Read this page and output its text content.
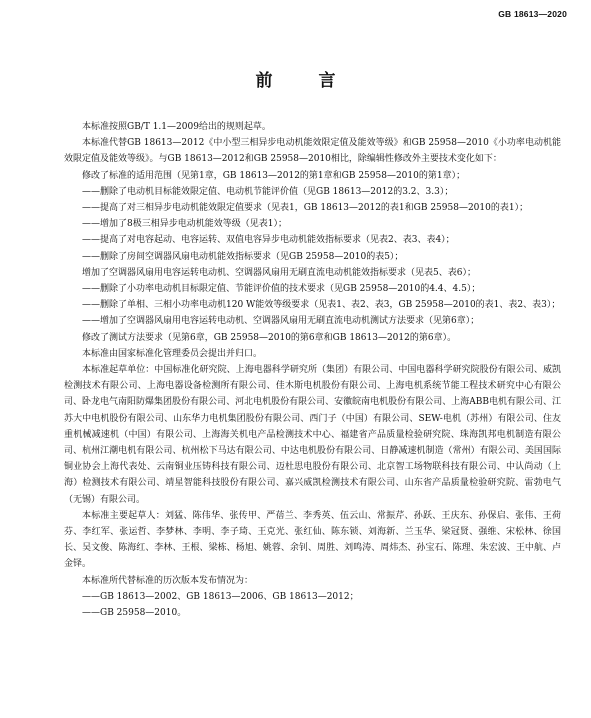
GB 18613—2020
前 言

本标准按照GB/T 1.1—2009给出的规则起草。

本标准代替GB 18613—2012《中小型三相异步电动机能效限定值及能效等级》和GB 25958—2010《小功率电动机能效限定值及能效等级》。与GB 18613—2012和GB 25958—2010相比，除编辑性修改外主要技术变化如下：

修改了标准的适用范围（见第1章，GB 18613—2012的第1章和GB 25958—2010的第1章）；

——删除了电动机目标能效限定值、电动机节能评价值（见GB 18613—2012的3.2、3.3）；

——提高了对三相异步电动机能效限定值要求（见表1，GB 18613—2012的表1和GB 25958—2010的表1）；

——增加了8极三相异步电动机能效等级（见表1）；

——提高了对电容起动、电容运转、双值电容异步电动机能效指标要求（见表2、表3、表4）；

——删除了房间空调器风扇电动机能效指标要求（见GB 25958—2010的表5）；

增加了空调器风扇用电容运转电动机、空调器风扇用无刷直流电动机能效指标要求（见表5、表6）；

——删除了小功率电动机目标限定值、节能评价值的技术要求（见GB 25958—2010的4.4、4.5）；

——删除了单相、三相小功率电动机120 W能效等级要求（见表1、表2、表3，GB 25958—2010的表1、表2、表3）；

——增加了空调器风扇用电容运转电动机、空调器风扇用无刷直流电动机测试方法要求（见第6章）；

修改了测试方法要求（见第6章，GB 25958—2010的第6章和GB 18613—2012的第6章）。

本标准由国家标准化管理委员会提出并归口。

本标准起草单位：中国标准化研究院、上海电器科学研究所（集团）有限公司、中国电器科学研究院股份有限公司、威凯检测技术有限公司、上海电器设备检测所有限公司、佳木斯电机股份有限公司、上海电机系统节能工程技术研究中心有限公司、卧龙电气南阳防爆集团股份有限公司、河北电机股份有限公司、安徽皖南电机股份有限公司、上海ABB电机有限公司、江苏大中电机股份有限公司、山东华力电机集团股份有限公司、西门子（中国）有限公司、SEW-电机（苏州）有限公司、住友重机械减速机（中国）有限公司、上海海关机电产品检测技术中心、福建省产品质量检验研究院、珠海凯邦电机制造有限公司、杭州江潮电机有限公司、杭州松下马达有限公司、中达电机股份有限公司、日静减速机制造（常州）有限公司、美国国际铜业协会上海代表处、云南铜业压铸科技有限公司、迈杜思电股份有限公司、北京智工场物联科技有限公司、中认尚动（上海）检测技术有限公司、靖星智能科技股份有限公司、嘉兴威凯检测技术有限公司、山东省产品质量检验研究院、雷勃电气（无锡）有限公司。

本标准主要起草人：刘猛、陈伟华、张传甲、严蓓兰、李秀英、伍云山、常振芹、孙跃、王庆东、孙保启、张伟、王荷芬、李红军、张运哲、李梦林、李明、李子琦、王克光、张红仙、陈东锁、刘海新、兰玉华、梁冠贤、强维、宋松林、徐国长、吴文俊、陈海红、李林、王根、梁栋、杨旭、姚蓉、余钊、周胜、刘鸣涛、周炜杰、孙宝石、陈理、朱宏波、王中航、卢金铎。

本标准所代替标准的历次版本发布情况为：

——GB 18613—2002、GB 18613—2006、GB 18613—2012；

——GB 25958—2010。
